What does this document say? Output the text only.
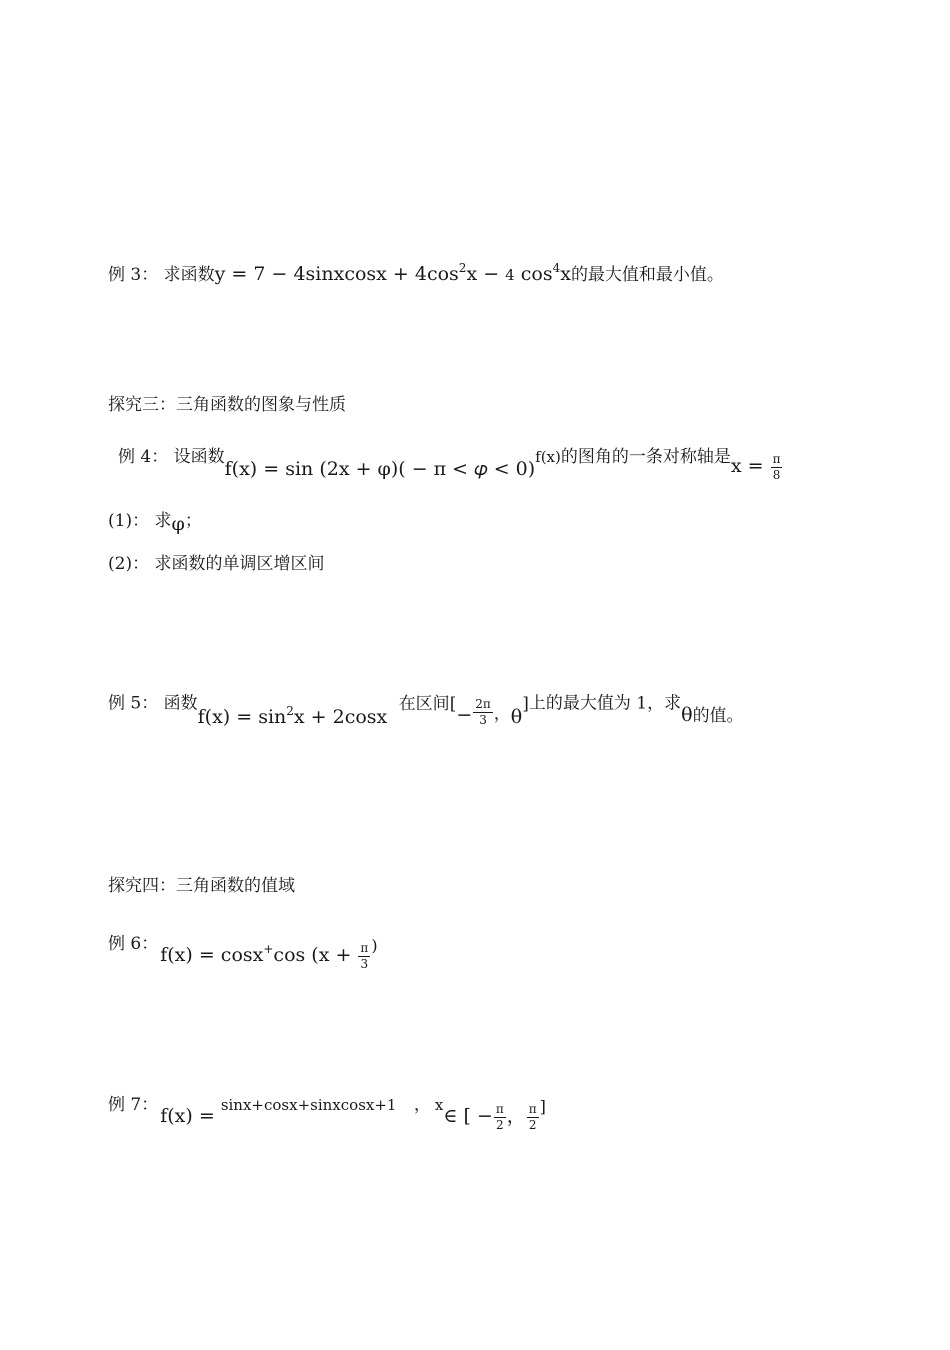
例 3： 求函数y = 7 − 4sinxcosx + $4\cos^2x - 4$ $\cos^4x$的最大值和最小值。
探究三：三角函数的图象与性质
例 4： 设函数f(x) = sin (2x + φ)( − π < 𝜑 < 0)f(x)的图角的一条对称轴是$x = \frac{\pi}{8}$
(1)： 求φ；
(2)： 求函数的单调区增区间
例 5： 函数$f(x) = \sin^2x + 2\cos x$ 在区间[− $\frac{2\pi}{3}$ ，θ]上的最大值为 1，求θ的值。
探究四：三角函数的值域
例 6： f(x) = cosx+cos ($x + \frac{\pi}{3} ^)$
例 7： f(x) = sinx+cosx+sinxcosx+1 ， x∈ [ − $\frac{\pi}{2}$ ， $\frac{\pi}{2} ^]$
